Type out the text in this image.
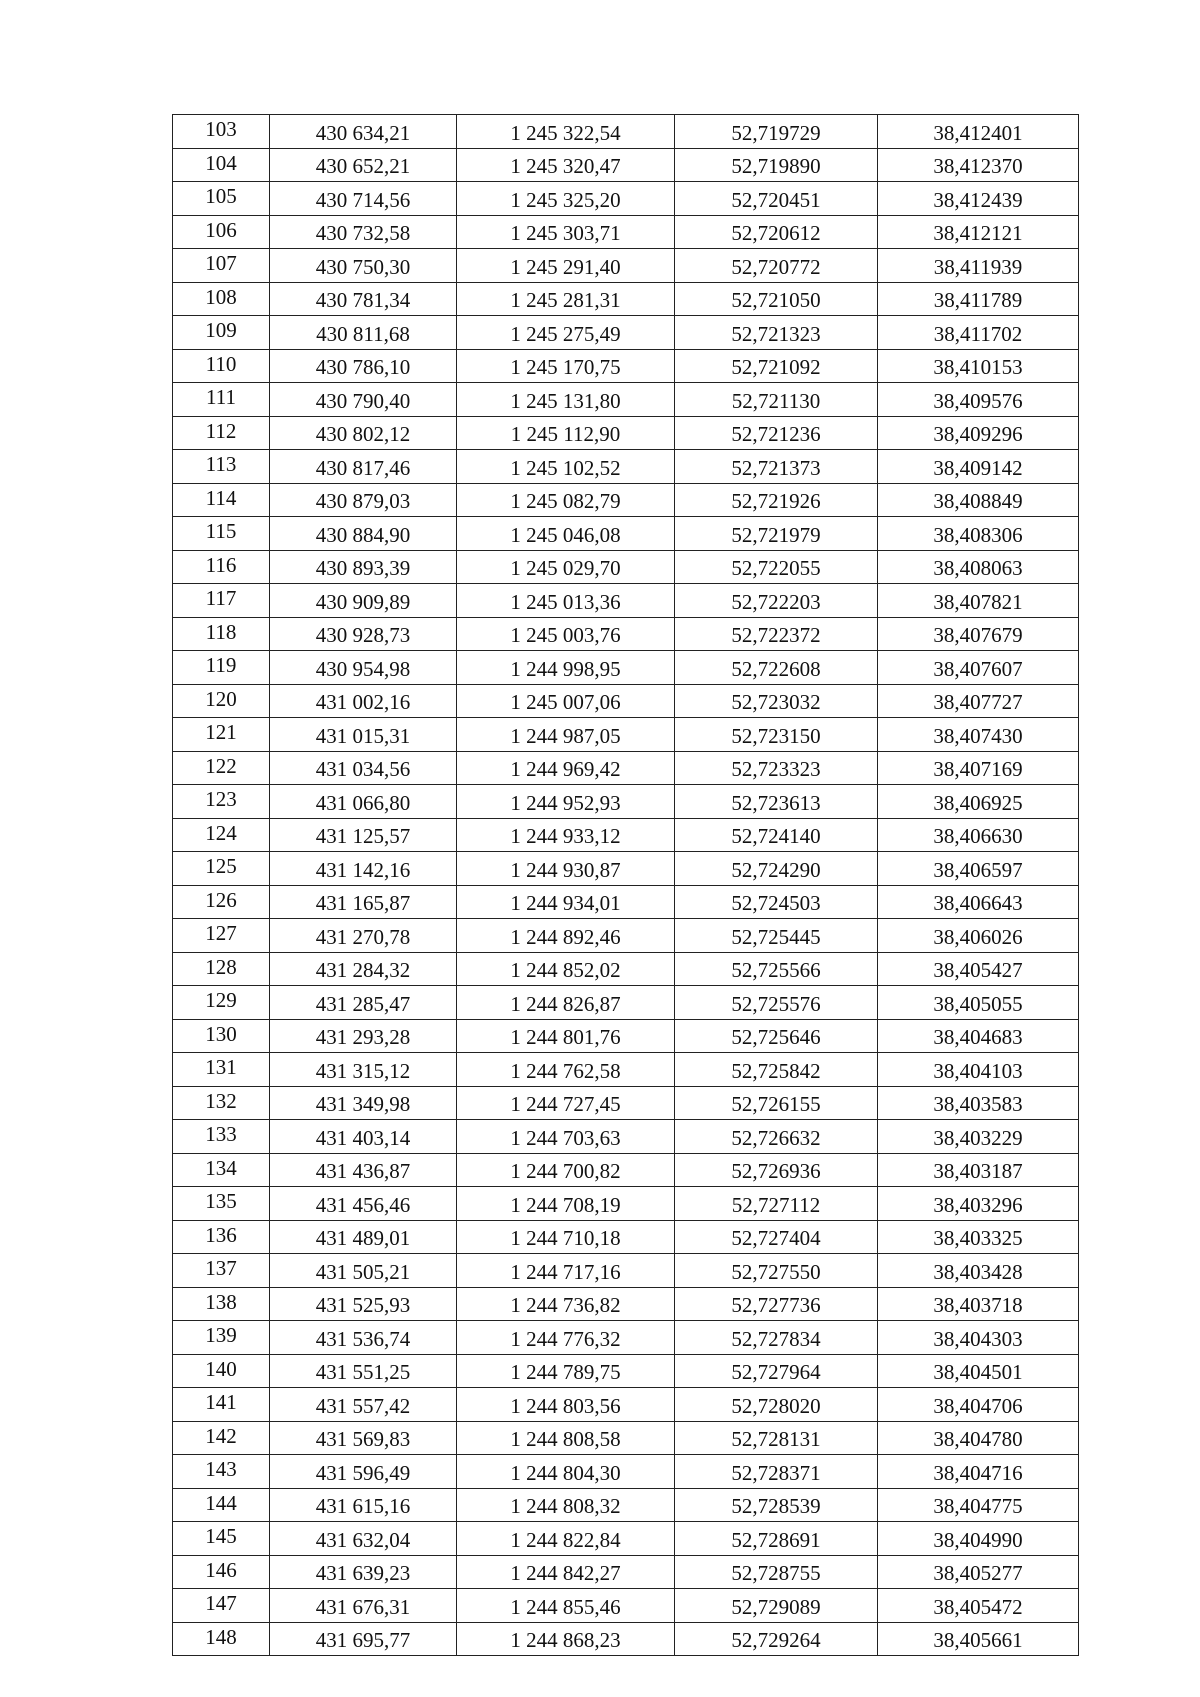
103	430 634,21	1 245 322,54	52,719729	38,412401
104	430 652,21	1 245 320,47	52,719890	38,412370
105	430 714,56	1 245 325,20	52,720451	38,412439
106	430 732,58	1 245 303,71	52,720612	38,412121
107	430 750,30	1 245 291,40	52,720772	38,411939
108	430 781,34	1 245 281,31	52,721050	38,411789
109	430 811,68	1 245 275,49	52,721323	38,411702
110	430 786,10	1 245 170,75	52,721092	38,410153
111	430 790,40	1 245 131,80	52,721130	38,409576
112	430 802,12	1 245 112,90	52,721236	38,409296
113	430 817,46	1 245 102,52	52,721373	38,409142
114	430 879,03	1 245 082,79	52,721926	38,408849
115	430 884,90	1 245 046,08	52,721979	38,408306
116	430 893,39	1 245 029,70	52,722055	38,408063
117	430 909,89	1 245 013,36	52,722203	38,407821
118	430 928,73	1 245 003,76	52,722372	38,407679
119	430 954,98	1 244 998,95	52,722608	38,407607
120	431 002,16	1 245 007,06	52,723032	38,407727
121	431 015,31	1 244 987,05	52,723150	38,407430
122	431 034,56	1 244 969,42	52,723323	38,407169
123	431 066,80	1 244 952,93	52,723613	38,406925
124	431 125,57	1 244 933,12	52,724140	38,406630
125	431 142,16	1 244 930,87	52,724290	38,406597
126	431 165,87	1 244 934,01	52,724503	38,406643
127	431 270,78	1 244 892,46	52,725445	38,406026
128	431 284,32	1 244 852,02	52,725566	38,405427
129	431 285,47	1 244 826,87	52,725576	38,405055
130	431 293,28	1 244 801,76	52,725646	38,404683
131	431 315,12	1 244 762,58	52,725842	38,404103
132	431 349,98	1 244 727,45	52,726155	38,403583
133	431 403,14	1 244 703,63	52,726632	38,403229
134	431 436,87	1 244 700,82	52,726936	38,403187
135	431 456,46	1 244 708,19	52,727112	38,403296
136	431 489,01	1 244 710,18	52,727404	38,403325
137	431 505,21	1 244 717,16	52,727550	38,403428
138	431 525,93	1 244 736,82	52,727736	38,403718
139	431 536,74	1 244 776,32	52,727834	38,404303
140	431 551,25	1 244 789,75	52,727964	38,404501
141	431 557,42	1 244 803,56	52,728020	38,404706
142	431 569,83	1 244 808,58	52,728131	38,404780
143	431 596,49	1 244 804,30	52,728371	38,404716
144	431 615,16	1 244 808,32	52,728539	38,404775
145	431 632,04	1 244 822,84	52,728691	38,404990
146	431 639,23	1 244 842,27	52,728755	38,405277
147	431 676,31	1 244 855,46	52,729089	38,405472
148	431 695,77	1 244 868,23	52,729264	38,405661
